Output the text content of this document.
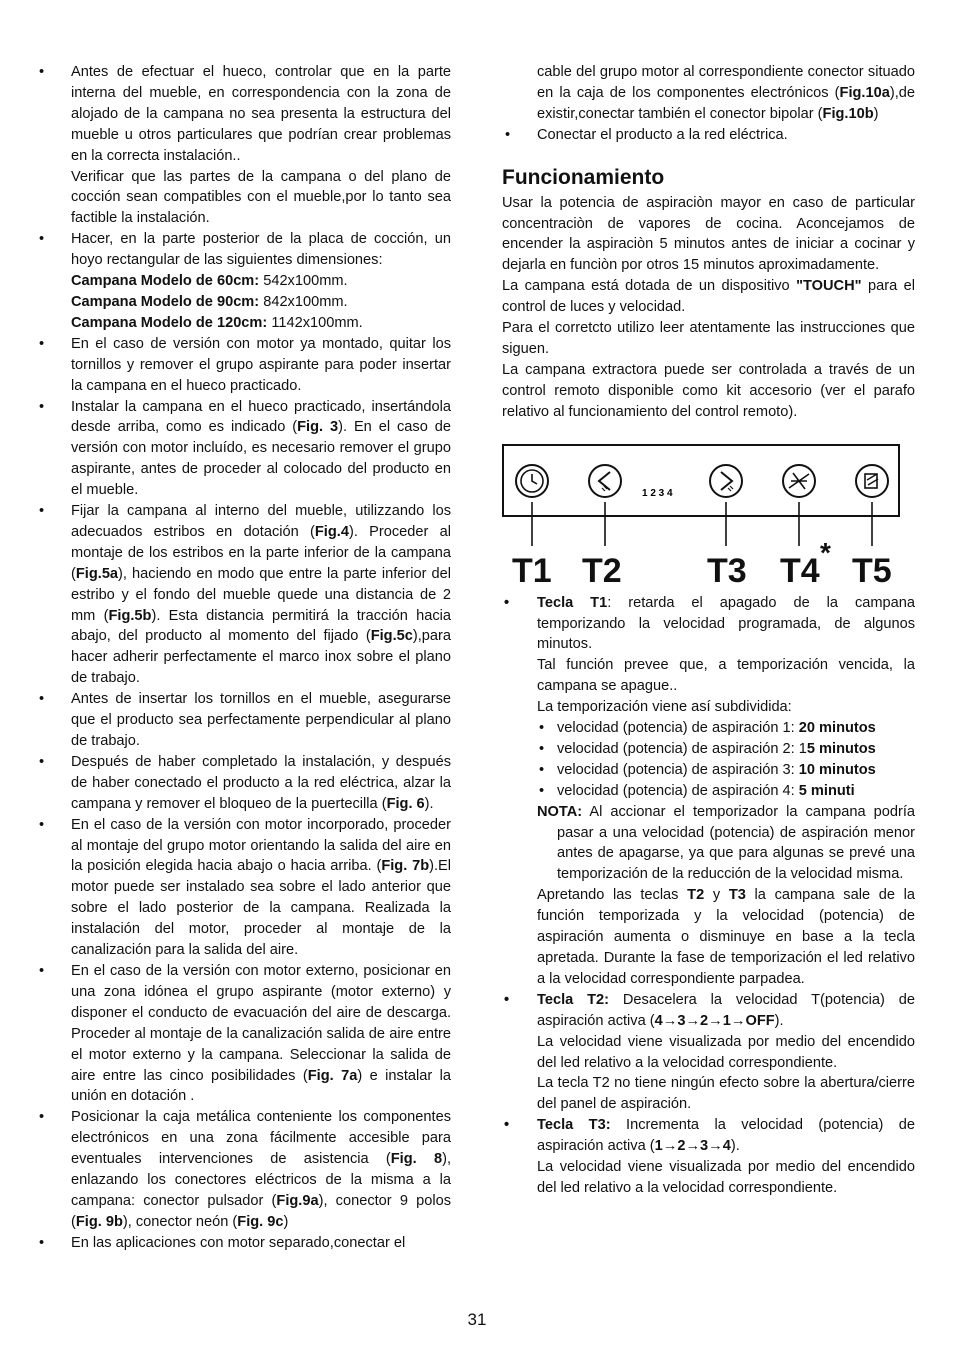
• Antes de efectuar el hueco, controlar que en la parte interna del mueble, en correspondencia con la zona de alojado de la campana no sea presenta la estructura del mueble u otros particulares que podrían crear problemas en la correcta instalación..

Verificar que las partes de la campana o del plano de cocción sean compatibles con el mueble,por lo tanto sea factible la instalación.

• Hacer, en la parte posterior de la placa de cocción, un hoyo rectangular de las siguientes dimensiones:

Campana Modelo de 60cm: 542x100mm.

Campana Modelo de 90cm: 842x100mm.

Campana Modelo de 120cm: 1142x100mm.

• En el caso de versión con motor ya montado, quitar los tornillos y remover el grupo aspirante para poder insertar la campana en el hueco practicado.

• Instalar la campana en el hueco practicado, insertándola desde arriba, como es indicado (Fig. 3). En el caso de versión con motor incluído, es necesario remover el grupo aspirante, antes de proceder al colocado del producto en el mueble.

• Fijar la campana al interno del mueble, utilizzando los adecuados estribos en dotación (Fig.4). Proceder al montaje de los estribos en la parte inferior de la campana (Fig.5a), haciendo en modo que entre la parte inferior del estribo y el fondo del mueble quede una distancia de 2 mm (Fig.5b). Esta distancia permitirá la tracción hacia abajo, del producto al momento del fijado (Fig.5c),para hacer adherir perfectamente el marco inox sobre el plano de trabajo.

• Antes de insertar los tornillos en el mueble, asegurarse que el producto sea perfectamente perpendicular al plano de trabajo.

• Después de haber completado la instalación, y después de haber conectado el producto a la red eléctrica, alzar la campana y remover el bloqueo de la puertecilla (Fig. 6).

• En el caso de la versión con motor incorporado, proceder al montaje del grupo motor orientando la salida del aire en la posición elegida hacia abajo o hacia arriba. (Fig. 7b).El motor puede ser instalado sea sobre el lado anterior que sobre el lado posterior de la campana. Realizada la instalación del motor, proceder al montaje de la canalización para la salida del aire.

• En el caso de la versión con motor externo, posicionar en una zona idónea el grupo aspirante (motor externo) y disponer el conducto de evacuación del aire de descarga. Proceder al montaje de la canalización salida de aire entre el motor externo y la campana. Seleccionar la salida de aire entre las cinco posibilidades (Fig. 7a) e instalar la unión en dotación .

• Posicionar la caja metálica conteniente los componentes electrónicos en una zona fácilmente accesible para eventuales intervenciones de asistencia (Fig. 8), enlazando los conectores eléctricos de la misma a la campana: conector pulsador (Fig.9a), conector 9 polos (Fig. 9b), conector neón (Fig. 9c)

• En las aplicaciones con motor separado,conectar el

cable del grupo motor al correspondiente conector situado en la caja de los componentes electrónicos (Fig.10a),de existir,conectar también el conector bipolar (Fig.10b)

• Conectar el producto a la red eléctrica.

Funcionamiento

Usar la potencia de aspiraciòn mayor en caso de particular concentraciòn de vapores de cocina. Aconcejamos de encender la aspiraciòn 5 minutos antes de iniciar a cocinar y dejarla en funciòn por otros 15 minutos aproximadamente.

La campana está dotada de un dispositivo "TOUCH" para el control de luces y velocidad.

Para el corretcto utilizo leer atentamente las instrucciones que siguen.

La campana extractora puede ser controlada a través de un control remoto disponible como kit accesorio (ver el parafo relativo al funcionamiento del control remoto).

1 2 3 4
T1 T2	T3 T4 * T5
• Tecla T1: retarda el apagado de la campana temporizando la velocidad programada, de algunos minutos.

Tal función prevee que, a temporización vencida, la campana se apague..

La temporización viene así subdividida:

• velocidad (potencia) de aspiración 1: 20 minutos
• velocidad (potencia) de aspiración 2: 15 minutos
• velocidad (potencia) de aspiración 3: 10 minutos
• velocidad (potencia) de aspiración 4: 5 minuti

NOTA: Al accionar el temporizador la campana podría pasar a una velocidad (potencia) de aspiración menor antes de apagarse, ya que para algunas se prevé una temporización de la reducción de la velocidad misma.

Apretando las teclas T2 y T3 la campana sale de la función temporizada y la velocidad (potencia) de aspiración aumenta o disminuye en base a la tecla apretada. Durante la fase de temporización el led relativo a la velocidad correspondiente parpadea.

• Tecla T2: Desacelera la velocidad T(potencia) de aspiración activa (4→3→2→1→OFF).

La velocidad viene visualizada por medio del encendido del led relativo a la velocidad correspondiente.

La tecla T2 no tiene ningún efecto sobre la abertura/cierre del panel de aspiración.

• Tecla T3: Incrementa la velocidad (potencia) de aspiración activa (1→2→3→4).

La velocidad viene visualizada por medio del encendido del led relativo a la velocidad correspondiente.

31
